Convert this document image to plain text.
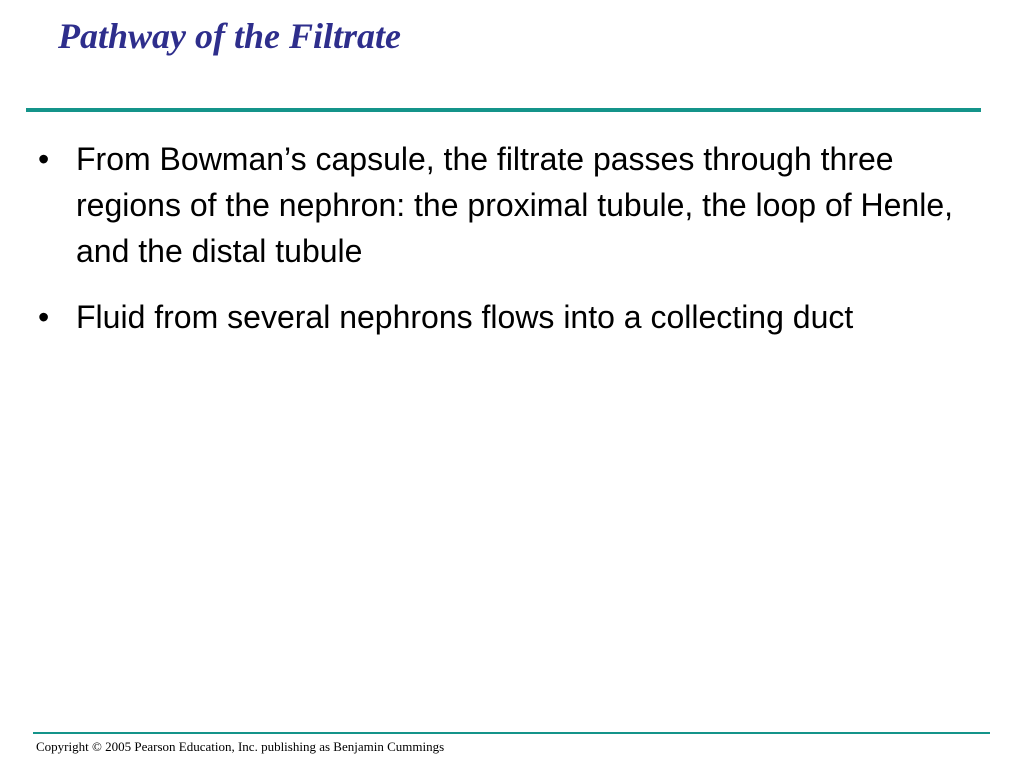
Pathway of the Filtrate
• From Bowman’s capsule, the filtrate passes through three regions of the nephron: the proximal tubule, the loop of Henle, and the distal tubule
• Fluid from several nephrons flows into a collecting duct
Copyright © 2005 Pearson Education, Inc. publishing as Benjamin Cummings
